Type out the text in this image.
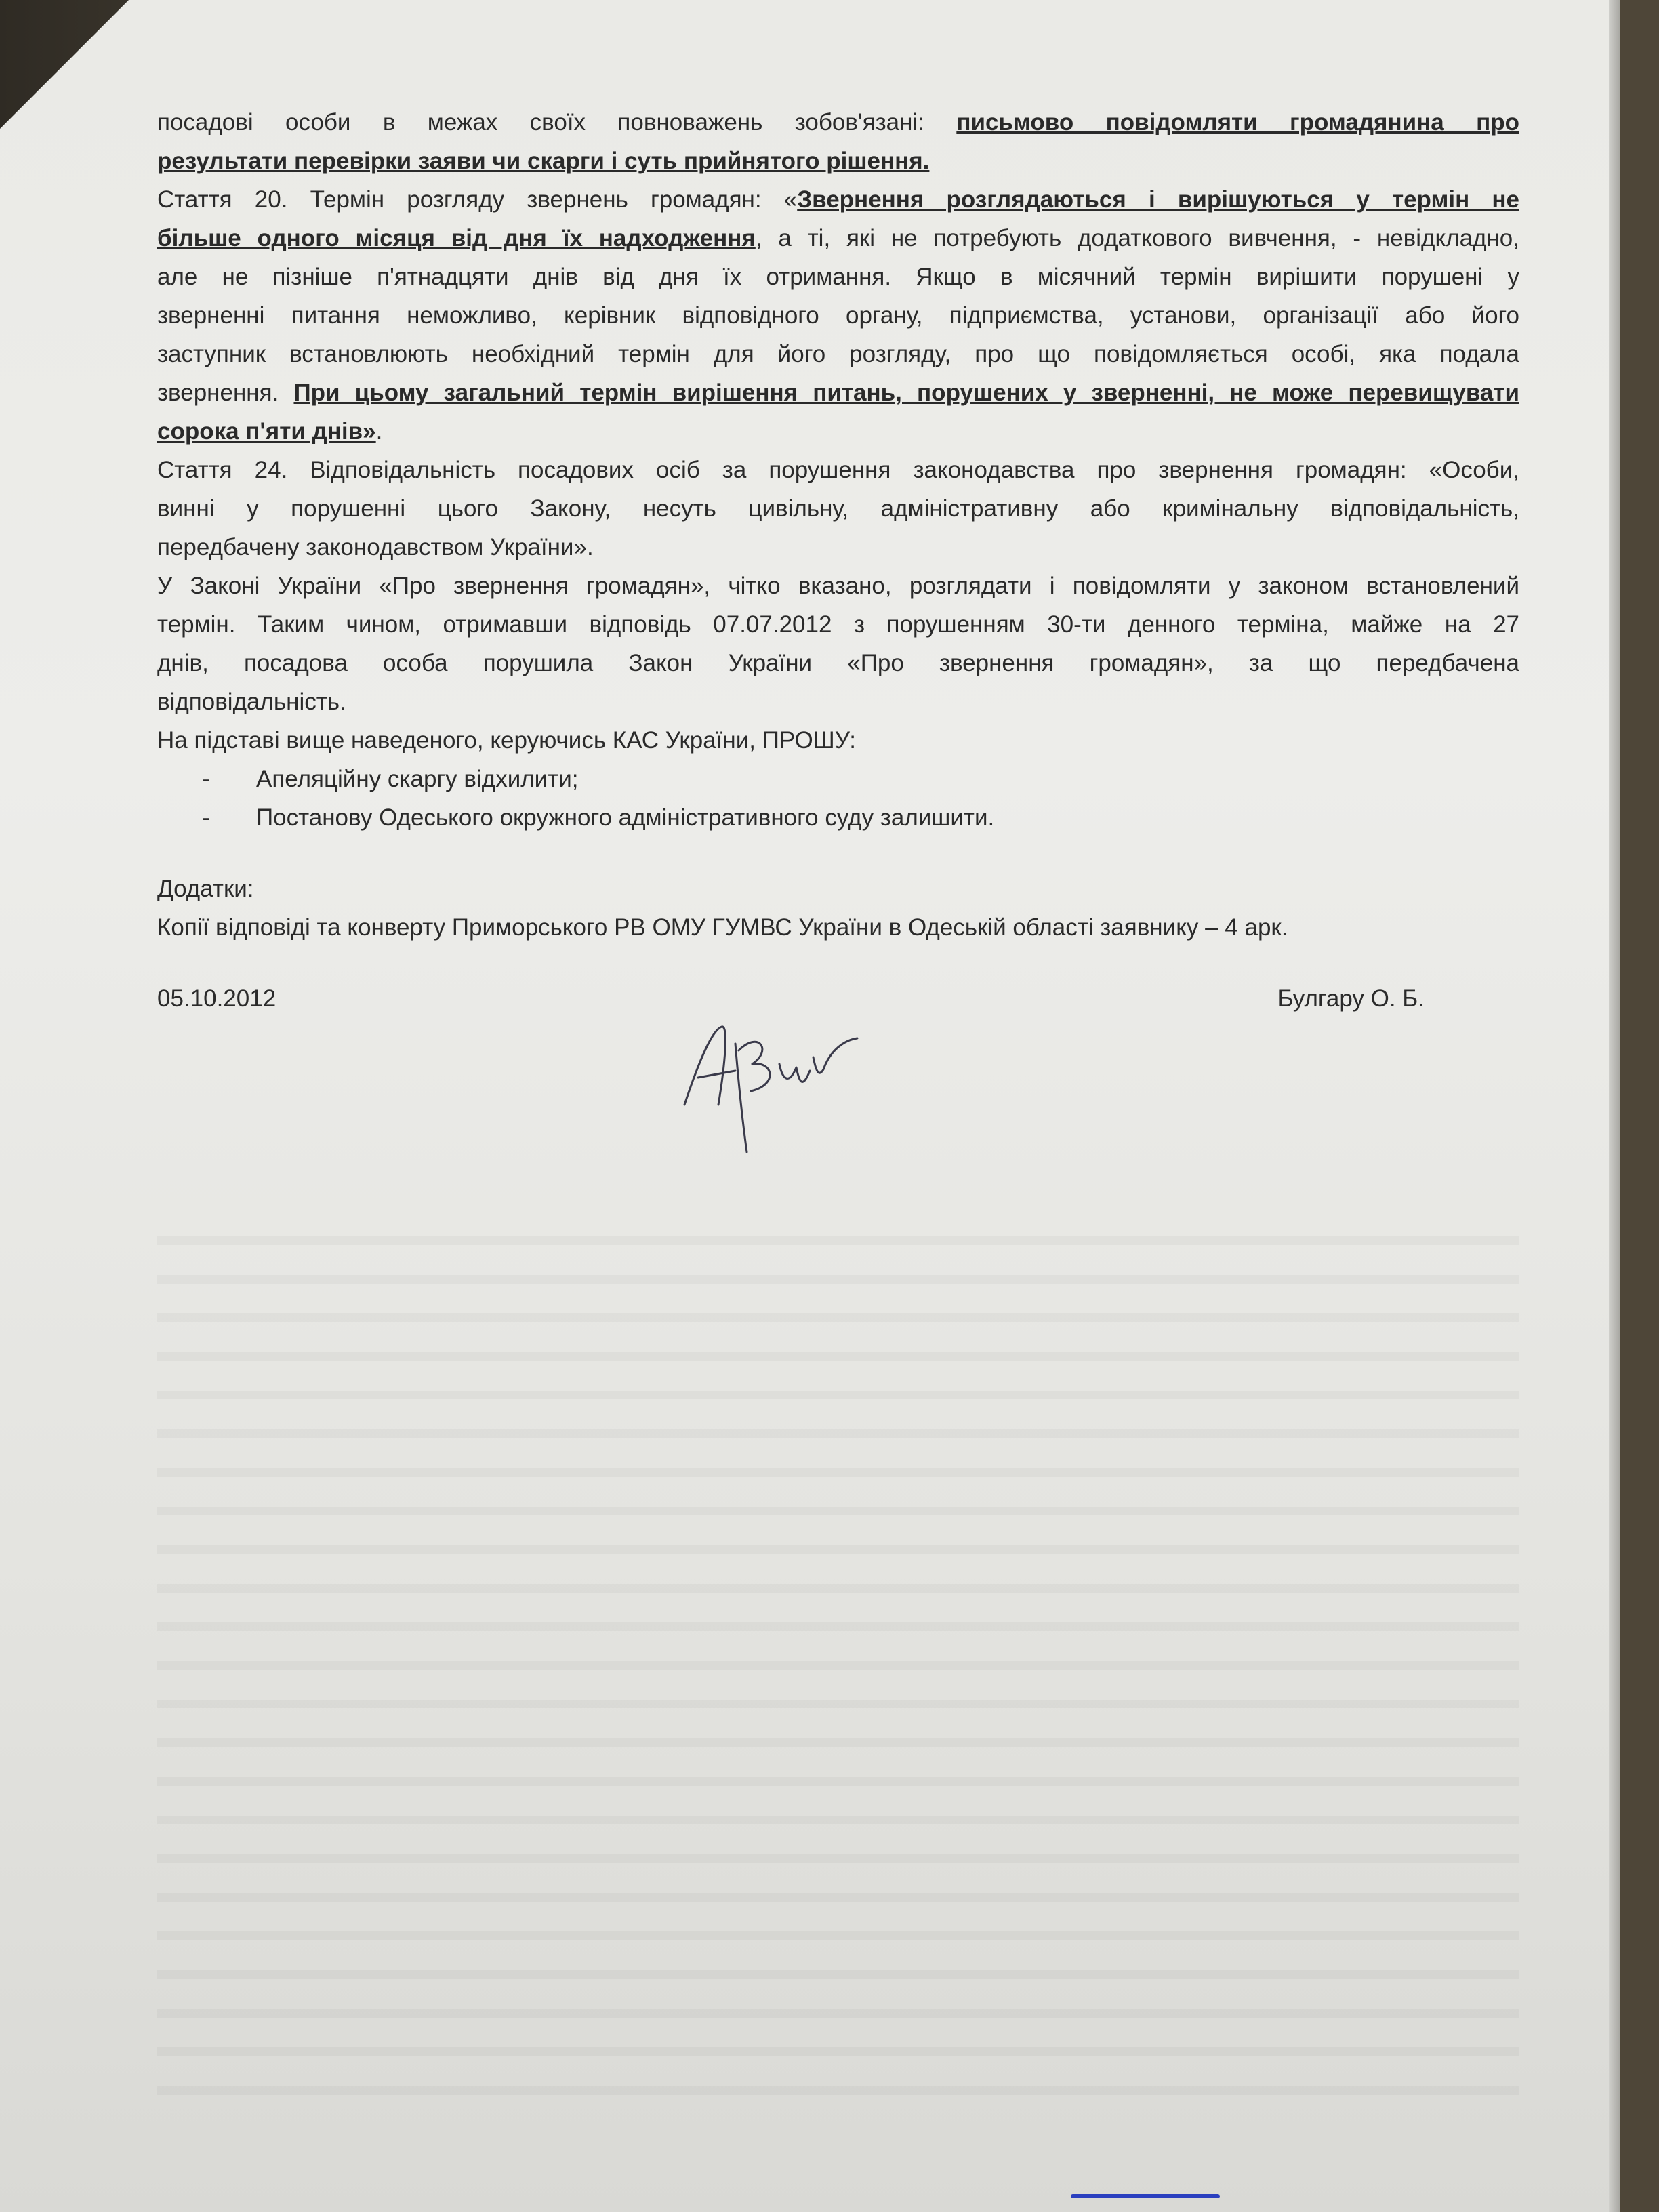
посадові особи в межах своїх повноважень зобов'язані: письмово повідомляти громадянина про

результати перевірки заяви чи скарги і суть прийнятого рішення.

Стаття 20. Термін розгляду звернень громадян: «Звернення розглядаються і вирішуються у термін не

більше одного місяця від дня їх надходження, а ті, які не потребують додаткового вивчення, - невідкладно,

але не пізніше п'ятнадцяти днів від дня їх отримання. Якщо в місячний термін вирішити порушені у

зверненні питання неможливо, керівник відповідного органу, підприємства, установи, організації або його

заступник встановлюють необхідний термін для його розгляду, про що повідомляється особі, яка подала

звернення. При цьому загальний термін вирішення питань, порушених у зверненні, не може перевищувати

сорока п'яти днів».

Стаття 24. Відповідальність посадових осіб за порушення законодавства про звернення громадян: «Особи,

винні у порушенні цього Закону, несуть цивільну, адміністративну або кримінальну відповідальність,

передбачену законодавством України».

У Законі України «Про звернення громадян», чітко вказано, розглядати і повідомляти у законом встановлений

термін. Таким чином, отримавши відповідь 07.07.2012 з порушенням 30-ти денного терміна, майже на 27

днів, посадова особа порушила Закон України «Про звернення громадян», за що передбачена

відповідальність.

На підставі вище наведеного, керуючись КАС України, ПРОШУ:

- Апеляційну скаргу відхилити;
- Постанову Одеського окружного адміністративного суду залишити.

Додатки:

Копії відповіді та конверту Приморського РВ ОМУ ГУМВС України в Одеській області заявнику – 4 арк.

05.10.2012	Булгару О. Б.
